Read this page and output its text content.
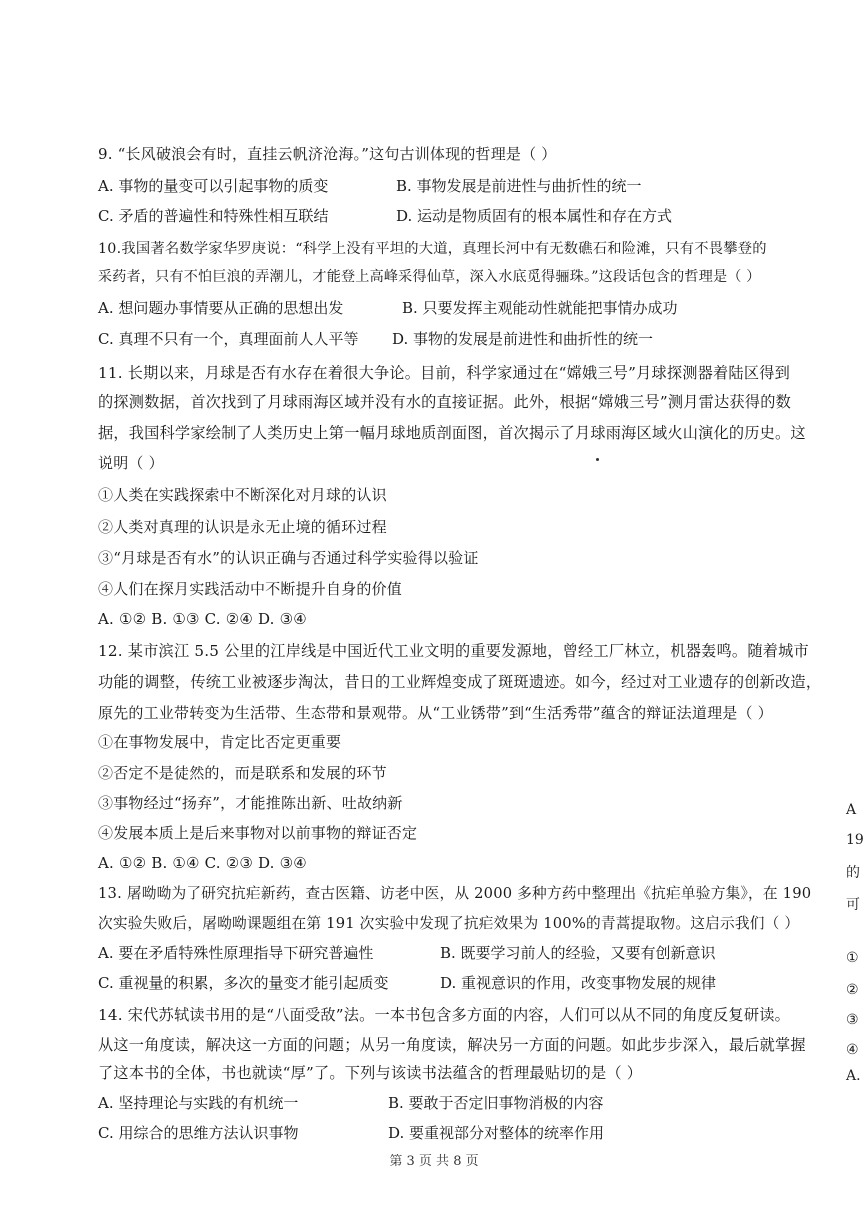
9. “长风破浪会有时，直挂云帆济沧海。”这句古训体现的哲理是（ ）
A. 事物的量变可以引起事物的质变	B. 事物发展是前进性与曲折性的统一
C. 矛盾的普遍性和特殊性相互联结	D. 运动是物质固有的根本属性和存在方式
10.我国著名数学家华罗庚说：“科学上没有平坦的大道，真理长河中有无数礁石和险滩，只有不畏攀登的
采药者，只有不怕巨浪的弄潮儿，才能登上高峰采得仙草，深入水底觅得骊珠。”这段话包含的哲理是（ ）
A. 想问题办事情要从正确的思想出发	B. 只要发挥主观能动性就能把事情办成功
C. 真理不只有一个，真理面前人人平等 D. 事物的发展是前进性和曲折性的统一
11. 长期以来，月球是否有水存在着很大争论。目前，科学家通过在“嫦娥三号”月球探测器着陆区得到
的探测数据，首次找到了月球雨海区域并没有水的直接证据。此外，根据“嫦娥三号”测月雷达获得的数
据，我国科学家绘制了人类历史上第一幅月球地质剖面图，首次揭示了月球雨海区域火山演化的历史。这
说明（ ）
①人类在实践探索中不断深化对月球的认识
②人类对真理的认识是永无止境的循环过程
③“月球是否有水”的认识正确与否通过科学实验得以验证
④人们在探月实践活动中不断提升自身的价值
A. ①② B. ①③ C. ②④ D. ③④
12. 某市滨江 5.5 公里的江岸线是中国近代工业文明的重要发源地，曾经工厂林立，机器轰鸣。随着城市
功能的调整，传统工业被逐步淘汰，昔日的工业辉煌变成了斑斑遗迹。如今，经过对工业遗存的创新改造，
原先的工业带转变为生活带、生态带和景观带。从“工业锈带”到“生活秀带”蕴含的辩证法道理是（ ）
①在事物发展中，肯定比否定更重要
②否定不是徒然的，而是联系和发展的环节
③事物经过“扬弃”，才能推陈出新、吐故纳新
④发展本质上是后来事物对以前事物的辩证否定
A. ①② B. ①④ C. ②③ D. ③④
13. 屠呦呦为了研究抗疟新药，查古医籍、访老中医，从 2000 多种方药中整理出《抗疟单验方集》，在 190
次实验失败后，屠呦呦课题组在第 191 次实验中发现了抗疟效果为 100%的青蒿提取物。这启示我们（ ）
A. 要在矛盾特殊性原理指导下研究普遍性	B. 既要学习前人的经验，又要有创新意识
C. 重视量的积累，多次的量变才能引起质变	D. 重视意识的作用，改变事物发展的规律
14. 宋代苏轼读书用的是“八面受敌”法。一本书包含多方面的内容，人们可以从不同的角度反复研读。
从这一角度读，解决这一方面的问题；从另一角度读，解决另一方面的问题。如此步步深入，最后就掌握
了这本书的全体，书也就读“厚”了。下列与该读书法蕴含的哲理最贴切的是（ ）
A. 坚持理论与实践的有机统一	B. 要敢于否定旧事物消极的内容
C. 用综合的思维方法认识事物	D. 要重视部分对整体的统率作用
第 3 页 共 8 页
A
19
的
可
①
②
③
④
A.
